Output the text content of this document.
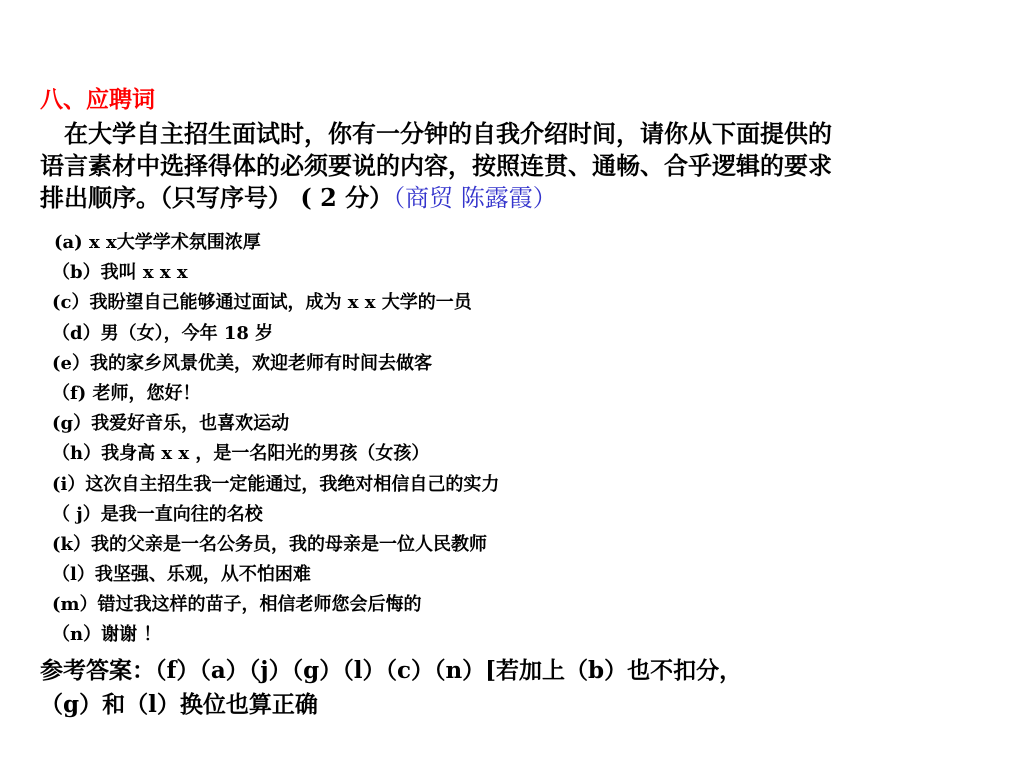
八、应聘词
在大学自主招生面试时，你有一分钟的自我介绍时间，请你从下面提供的
语言素材中选择得体的必须要说的内容，按照连贯、通畅、合乎逻辑的要求
排出顺序。（只写序号） ( 2 分）（商贸 陈露霞）
(a) x x大学学术氛围浓厚
（b）我叫 x x x
(c）我盼望自己能够通过面试，成为 x x 大学的一员
（d）男（女），今年 18 岁
(e）我的家乡风景优美，欢迎老师有时间去做客
（f) 老师，您好！
(g）我爱好音乐，也喜欢运动
（h）我身高 x x ，是一名阳光的男孩（女孩）
(i）这次自主招生我一定能通过，我绝对相信自己的实力
（ j）是我一直向往的名校
(k）我的父亲是一名公务员，我的母亲是一位人民教师
（l）我坚强、乐观，从不怕困难
(m）错过我这样的苗子，相信老师您会后悔的
（n）谢谢 ！
参考答案：（f）（a）（j）（g）（l）（c）（n）[若加上（b）也不扣分，
（g）和（l）换位也算正确
